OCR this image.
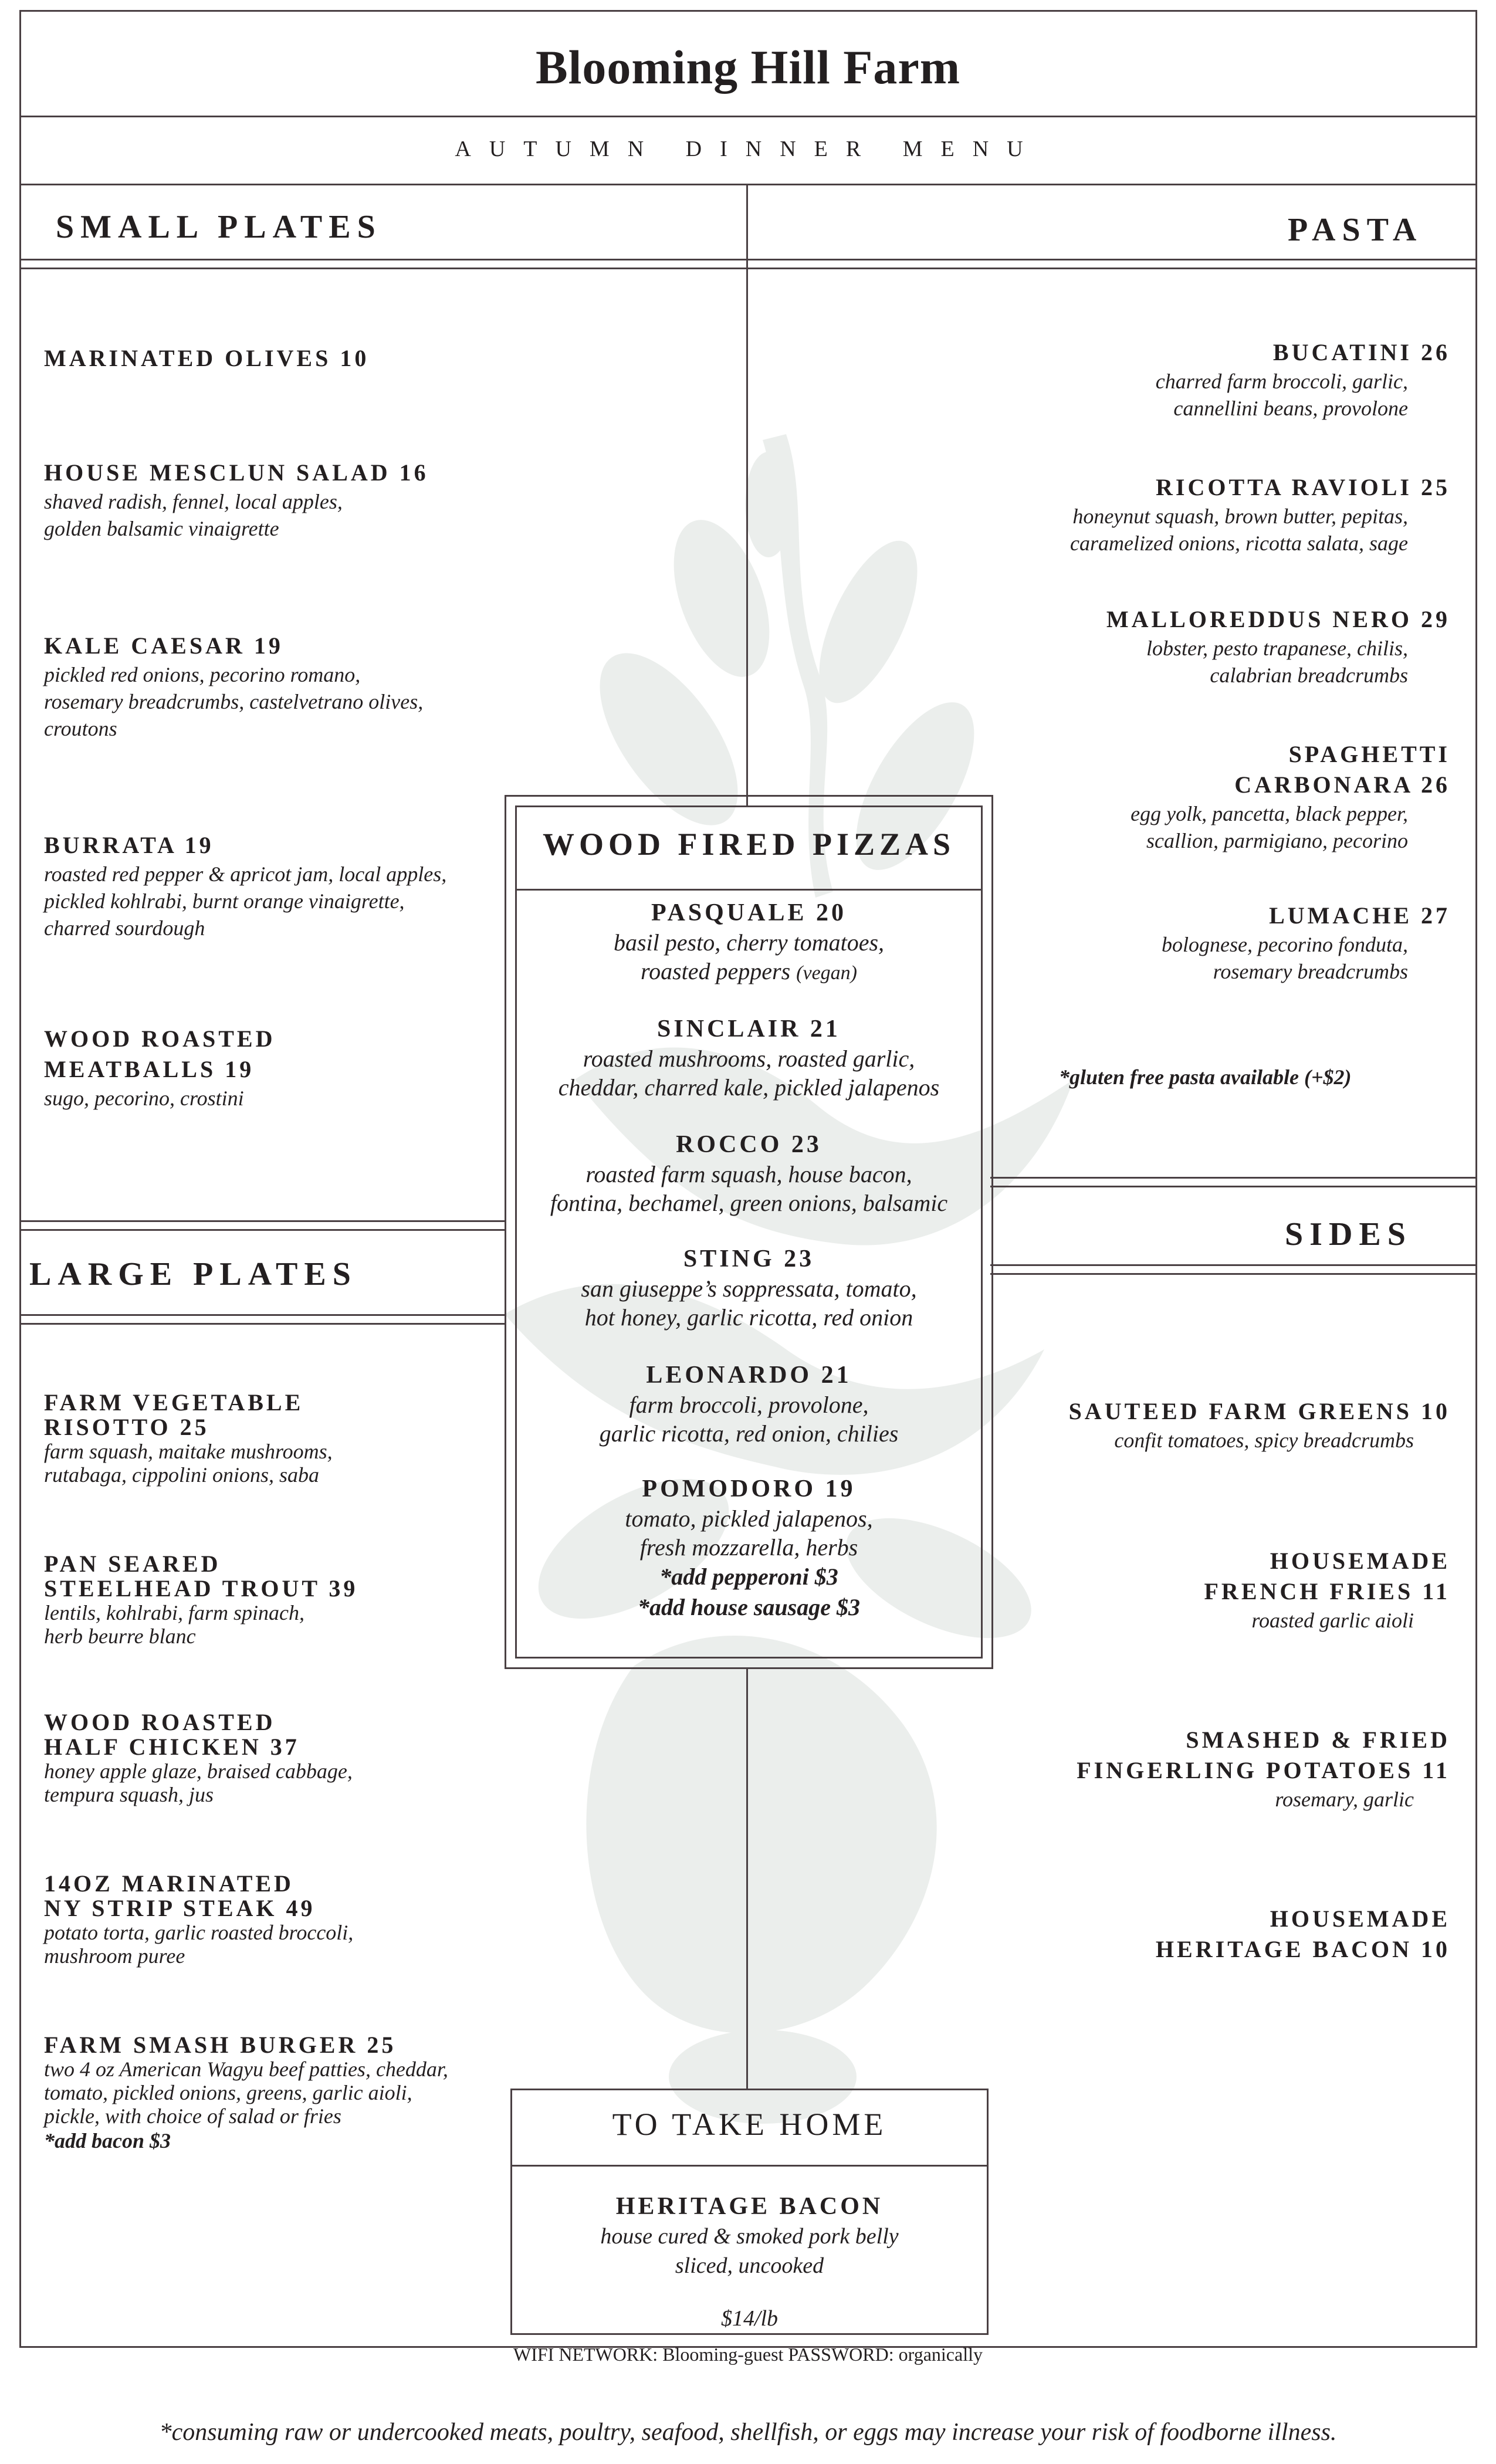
Blooming Hill Farm
AUTUMN DINNER MENU
SMALL PLATES	PASTA
LARGE PLATES
SIDES
MARINATED OLIVES 10
HOUSE MESCLUN SALAD 16
shaved radish, fennel, local apples,
golden balsamic vinaigrette
KALE CAESAR 19
pickled red onions, pecorino romano,
rosemary breadcrumbs, castelvetrano olives,
croutons
BURRATA 19
roasted red pepper & apricot jam, local apples,
pickled kohlrabi, burnt orange vinaigrette,
charred sourdough
WOOD ROASTED
MEATBALLS 19
sugo, pecorino, crostini
BUCATINI 26
charred farm broccoli, garlic,
cannellini beans, provolone
RICOTTA RAVIOLI 25
honeynut squash, brown butter, pepitas,
caramelized onions, ricotta salata, sage
MALLOREDDUS NERO 29
lobster, pesto trapanese, chilis,
calabrian breadcrumbs
SPAGHETTI
CARBONARA 26
egg yolk, pancetta, black pepper,
scallion, parmigiano, pecorino
LUMACHE 27
bolognese, pecorino fonduta,
rosemary breadcrumbs
*gluten free pasta available (+$2)
WOOD FIRED PIZZAS
PASQUALE 20
basil pesto, cherry tomatoes,
roasted peppers (vegan)
SINCLAIR 21
roasted mushrooms, roasted garlic,
cheddar, charred kale, pickled jalapenos
ROCCO 23
roasted farm squash, house bacon,
fontina, bechamel, green onions, balsamic
STING 23
san giuseppe’s soppressata, tomato,
hot honey, garlic ricotta, red onion
LEONARDO 21
farm broccoli, provolone,
garlic ricotta, red onion, chilies
POMODORO 19
tomato, pickled jalapenos,
fresh mozzarella, herbs
*add pepperoni $3
*add house sausage $3
FARM VEGETABLE
RISOTTO 25
farm squash, maitake mushrooms,
rutabaga, cippolini onions, saba
PAN SEARED
STEELHEAD TROUT 39
lentils, kohlrabi, farm spinach,
herb beurre blanc
WOOD ROASTED
HALF CHICKEN 37
honey apple glaze, braised cabbage,
tempura squash, jus
14OZ MARINATED
NY STRIP STEAK 49
potato torta, garlic roasted broccoli,
mushroom puree
FARM SMASH BURGER 25
two 4 oz American Wagyu beef patties, cheddar,
tomato, pickled onions, greens, garlic aioli,
pickle, with choice of salad or fries
*add bacon $3
SAUTEED FARM GREENS 10
confit tomatoes, spicy breadcrumbs
HOUSEMADE
FRENCH FRIES 11
roasted garlic aioli
SMASHED & FRIED
FINGERLING POTATOES 11
rosemary, garlic
HOUSEMADE
HERITAGE BACON 10
TO TAKE HOME
HERITAGE BACON
house cured & smoked pork belly
sliced, uncooked
$14/lb
WIFI NETWORK: Blooming-guest PASSWORD: organically
*consuming raw or undercooked meats, poultry, seafood, shellfish, or eggs may increase your risk of foodborne illness.
